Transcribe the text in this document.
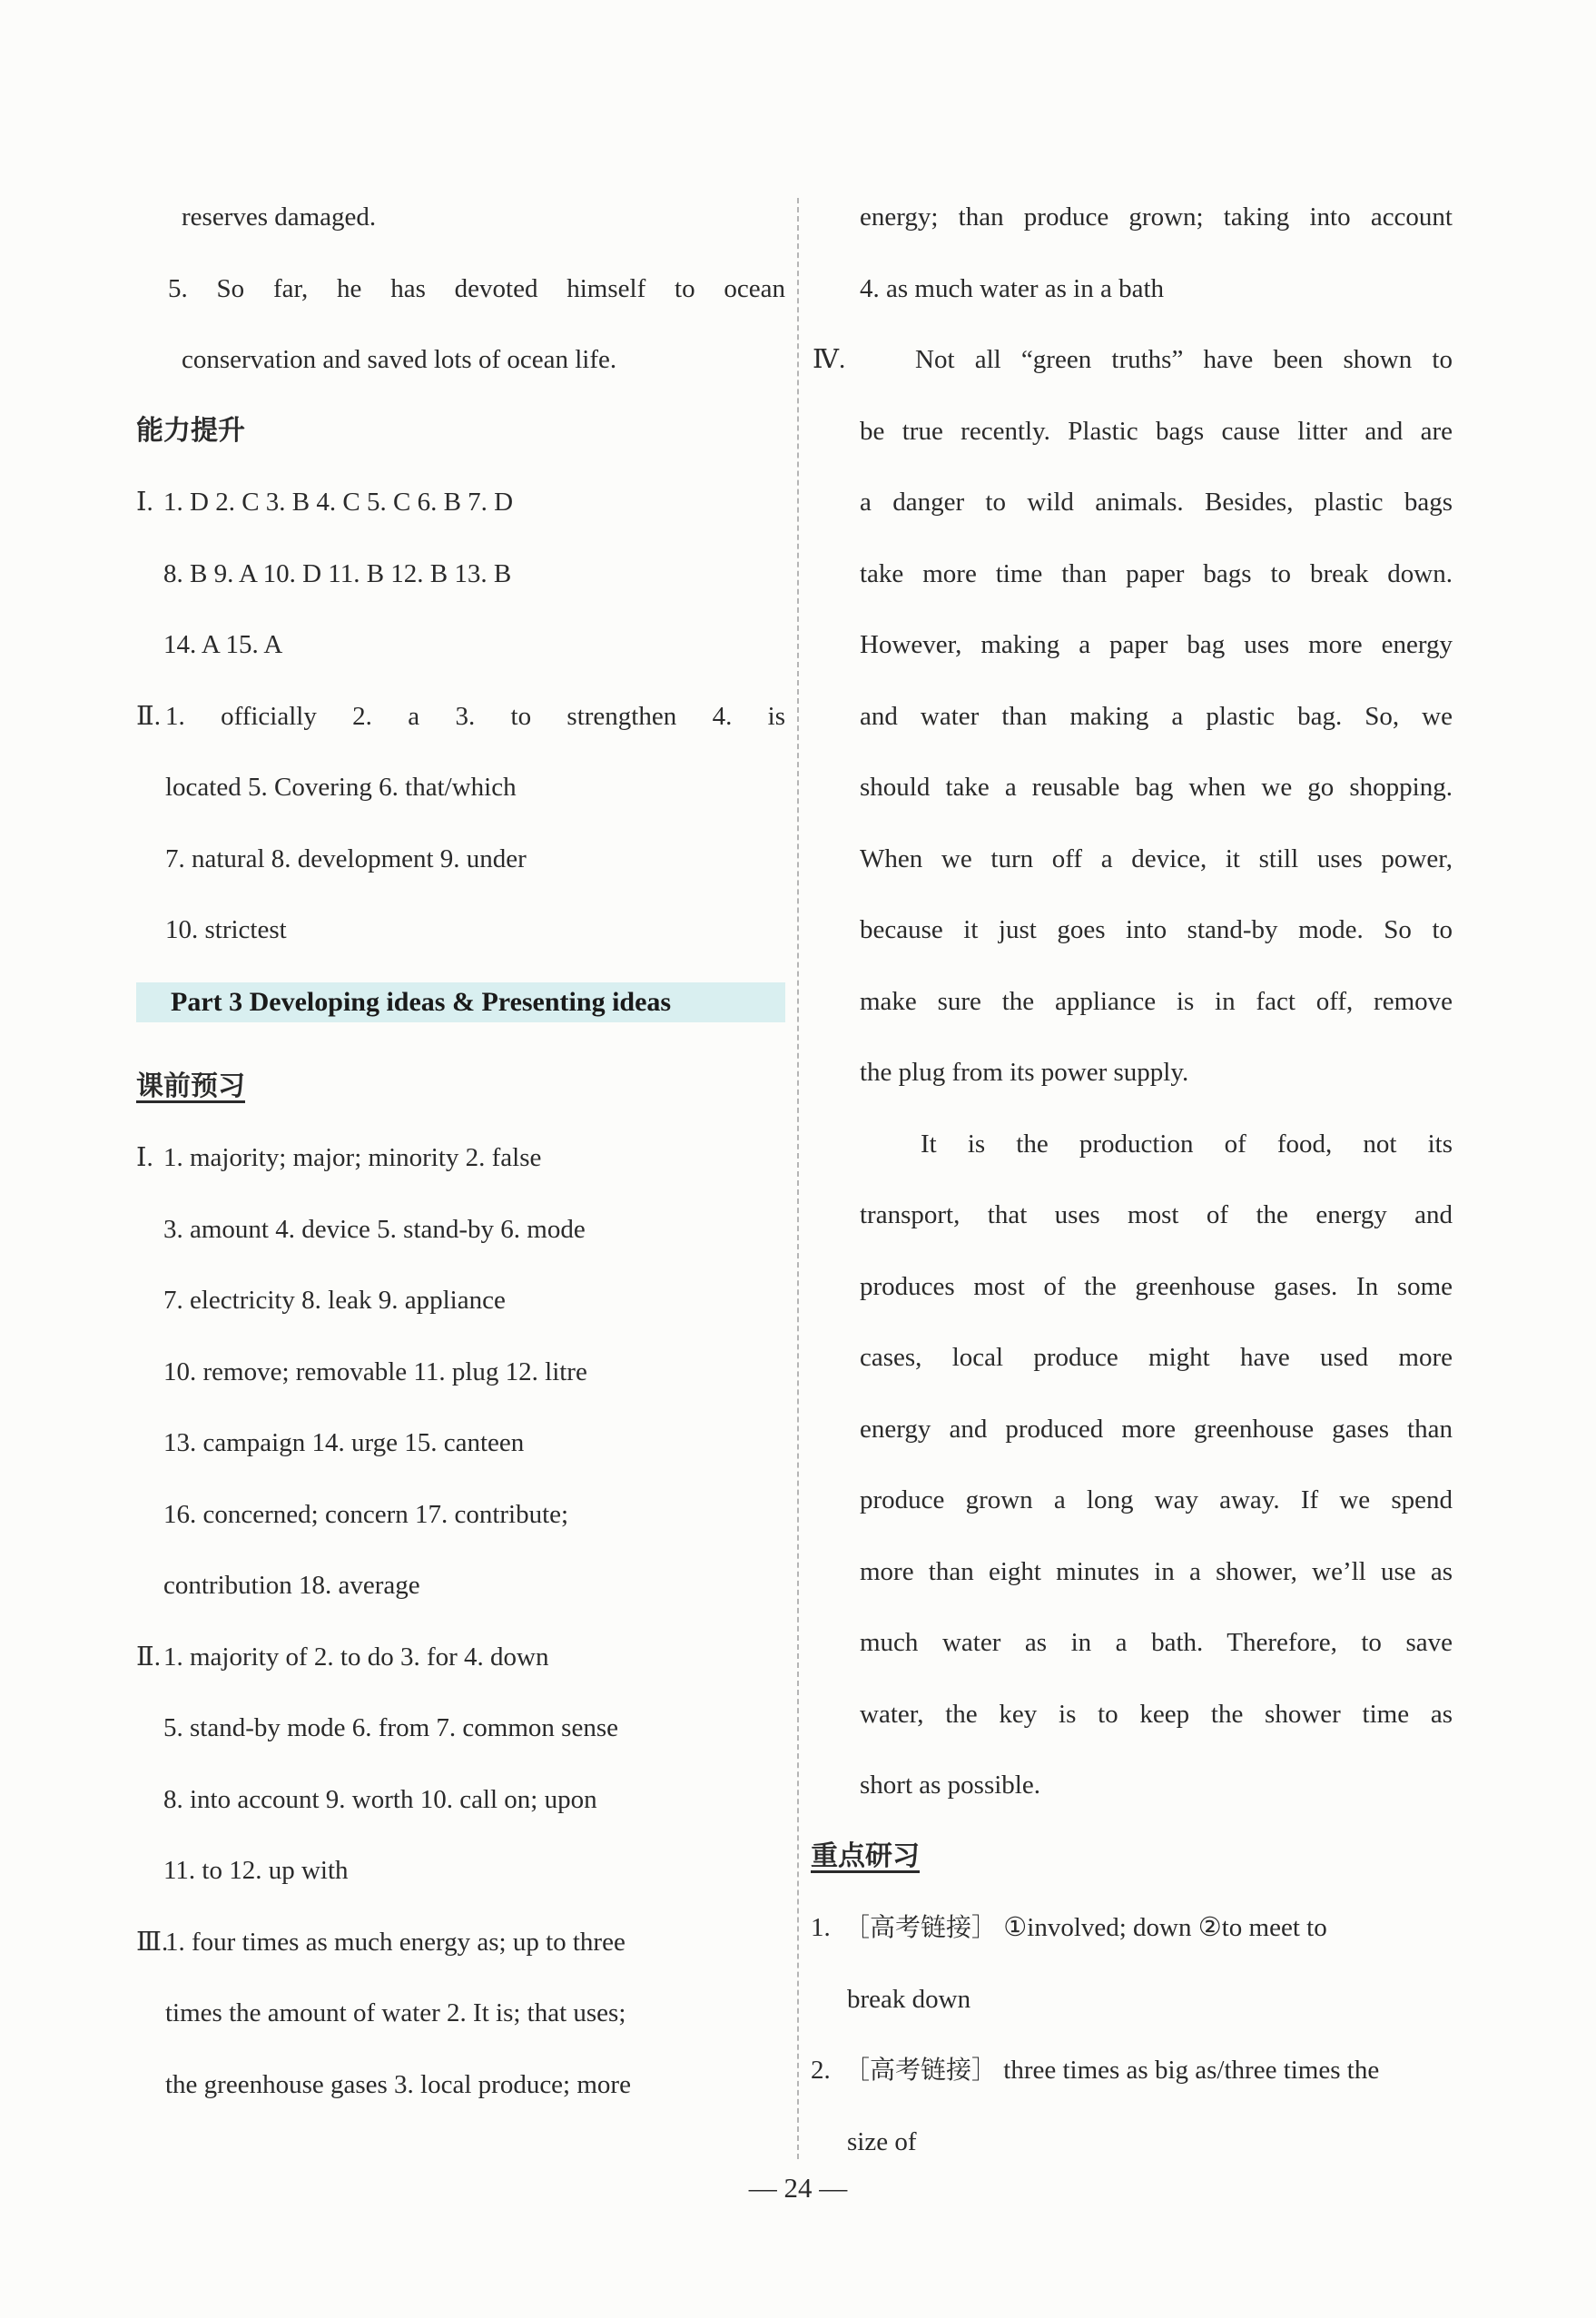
reserves damaged.
5. So far, he has devoted himself to ocean
conservation and saved lots of ocean life.
能力提升
Ⅰ. 1. D 2. C 3. B 4. C 5. C 6. B 7. D
8. B 9. A 10. D 11. B 12. B 13. B
14. A 15. A
Ⅱ. 1. officially 2. a 3. to strengthen 4. is
located 5. Covering 6. that/which
7. natural 8. development 9. under
10. strictest
Part 3 Developing ideas & Presenting ideas
课前预习
Ⅰ. 1. majority; major; minority 2. false
3. amount 4. device 5. stand-by 6. mode
7. electricity 8. leak 9. appliance
10. remove; removable 11. plug 12. litre
13. campaign 14. urge 15. canteen
16. concerned; concern 17. contribute;
contribution 18. average
Ⅱ. 1. majority of 2. to do 3. for 4. down
5. stand-by mode 6. from 7. common sense
8. into account 9. worth 10. call on; upon
11. to 12. up with
Ⅲ.
1. four times as much energy as; up to three
times the amount of water 2. It is; that uses;
the greenhouse gases 3. local produce; more
energy; than produce grown; taking into account
4. as much water as in a bath
Ⅳ.	Not all “green truths” have been shown to
be true recently. Plastic bags cause litter and are
a danger to wild animals. Besides, plastic bags
take more time than paper bags to break down.
However, making a paper bag uses more energy
and water than making a plastic bag. So, we
should take a reusable bag when we go shopping.
When we turn off a device, it still uses power,
because it just goes into stand-by mode. So to
make sure the appliance is in fact off, remove
the plug from its power supply.
It is the production of food, not its
transport, that uses most of the energy and
produces most of the greenhouse gases. In some
cases, local produce might have used more
energy and produced more greenhouse gases than
produce grown a long way away. If we spend
more than eight minutes in a shower, we’ll use as
much water as in a bath. Therefore, to save
water, the key is to keep the shower time as
short as possible.
重点研习
1. ［高考链接］ ①involved; down ②to meet to
break down
2. ［高考链接］ three times as big as/three times the
size of
— 24 —
